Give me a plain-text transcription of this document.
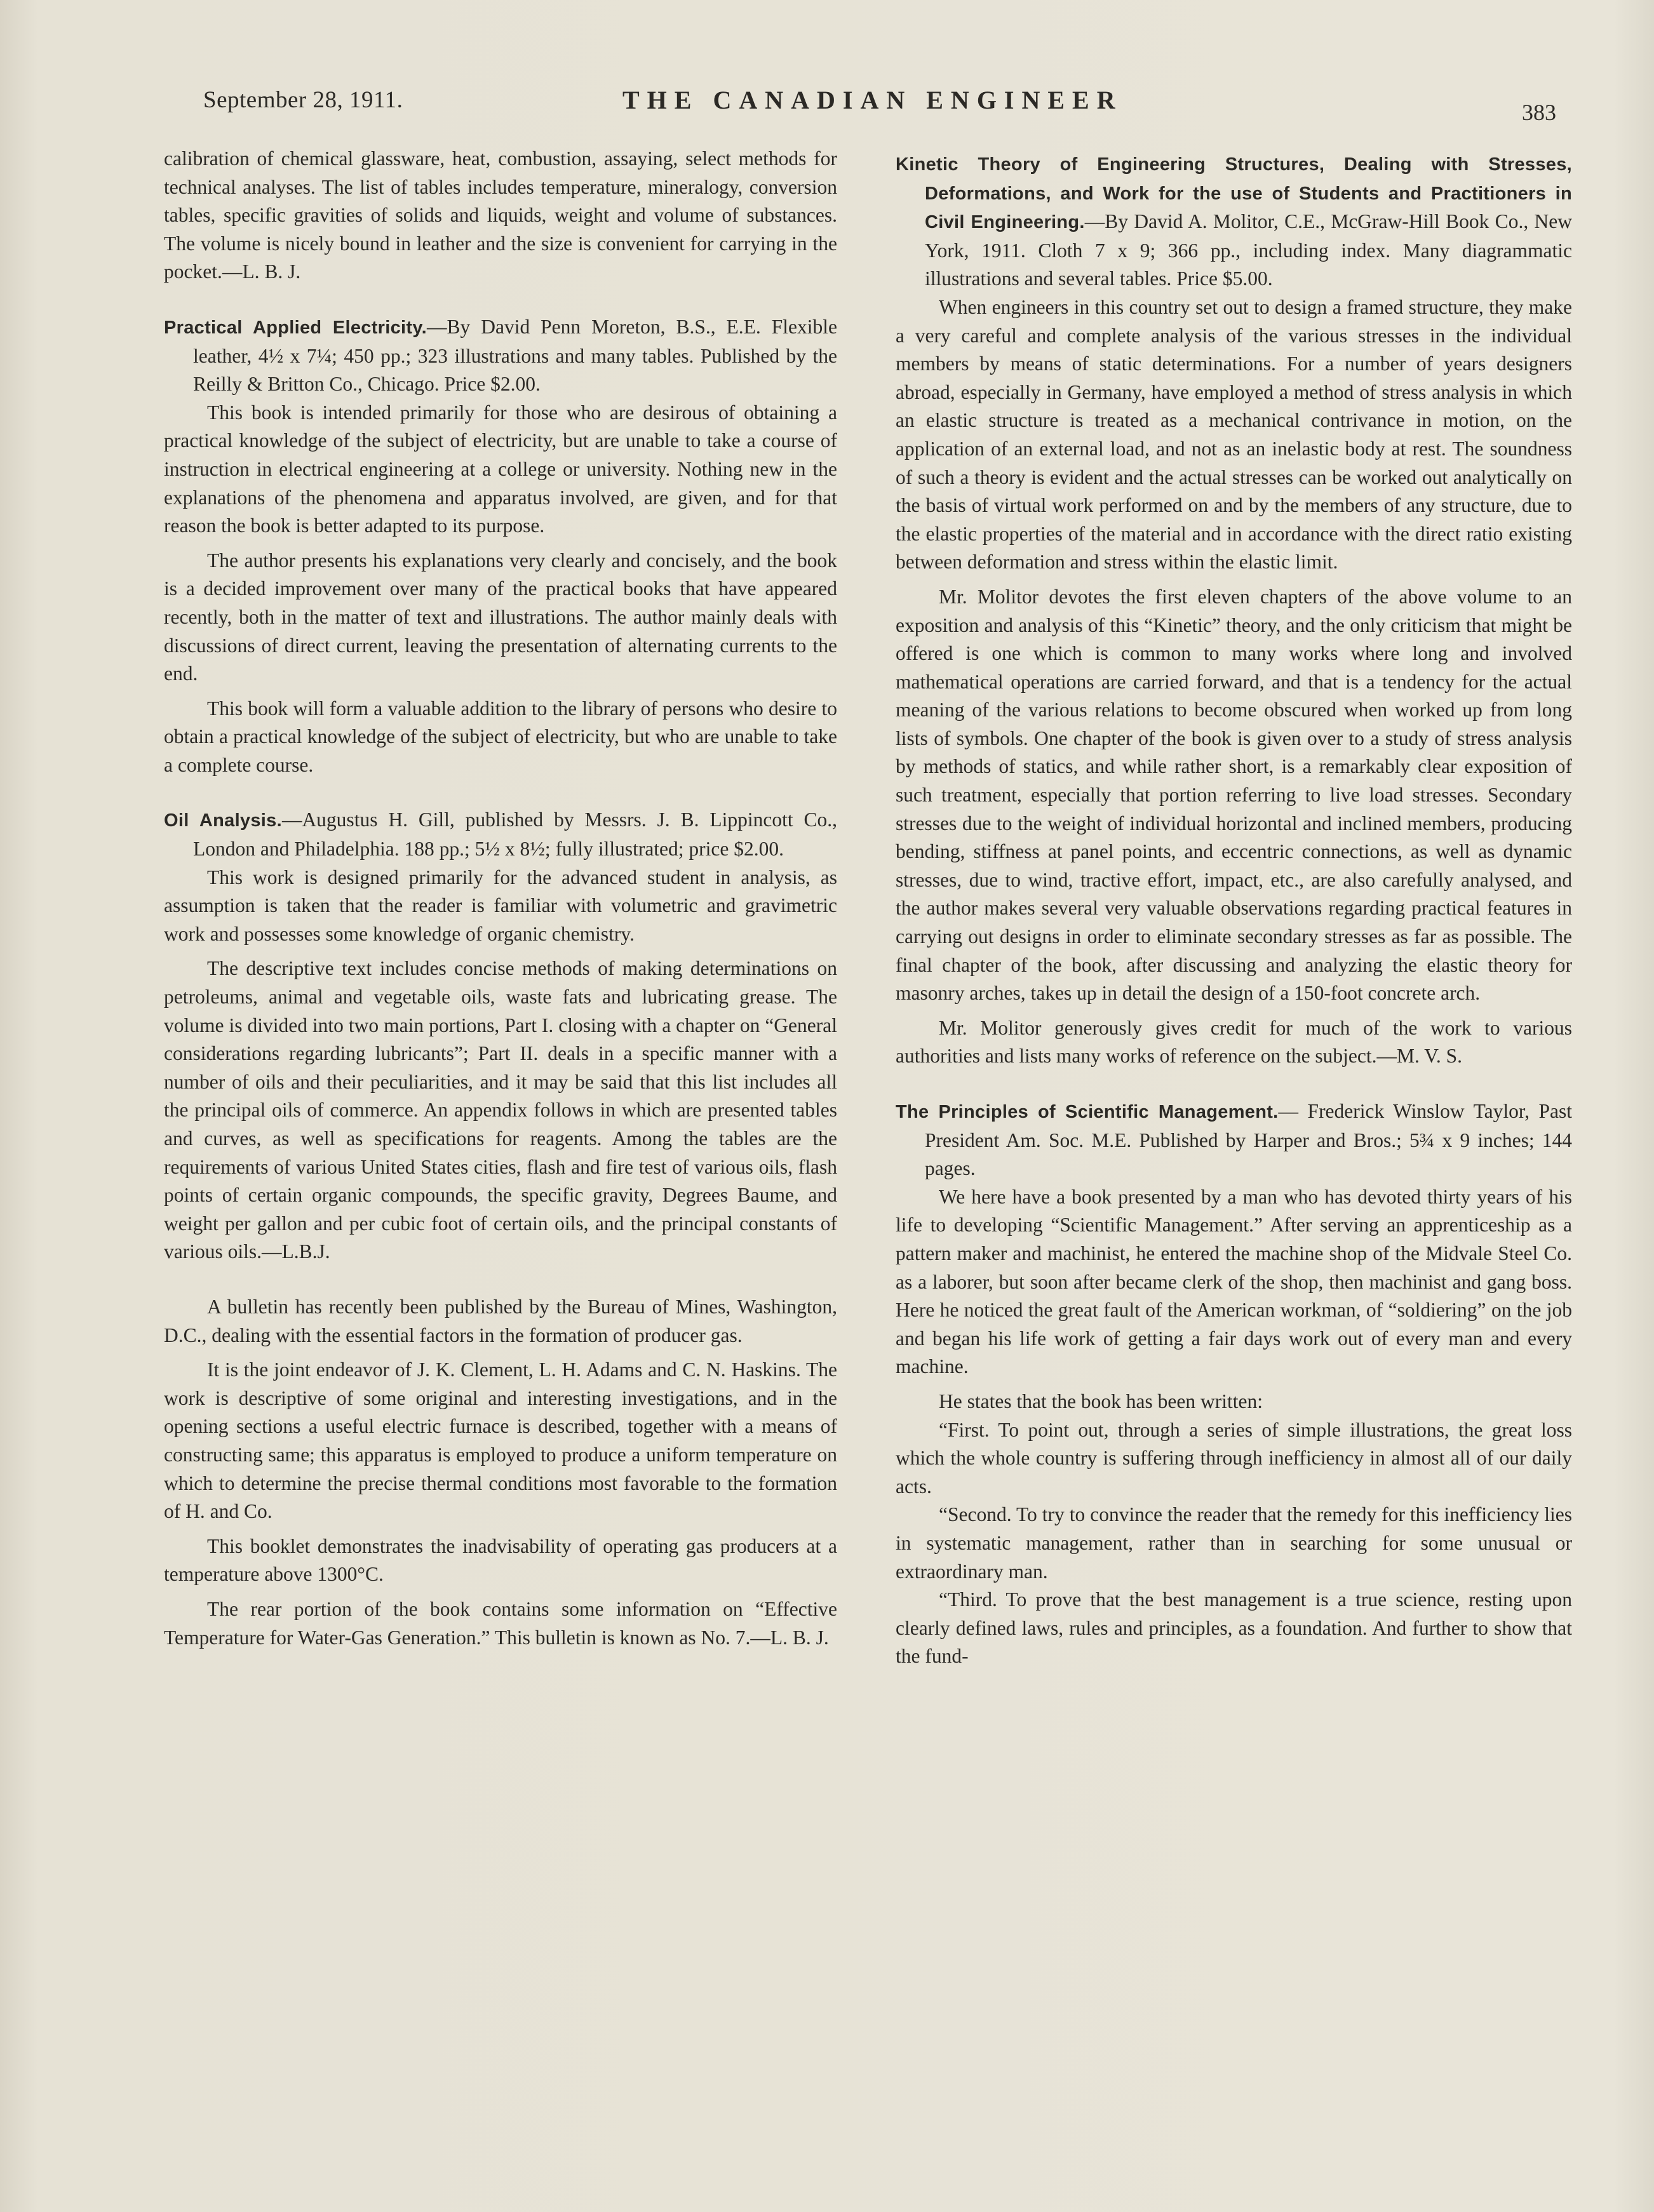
September 28, 1911.	THE CANADIAN ENGINEER	383

calibration of chemical glassware, heat, combustion, assaying, select methods for technical analyses. The list of tables includes temperature, mineralogy, conversion tables, specific gravities of solids and liquids, weight and volume of substances. The volume is nicely bound in leather and the size is convenient for carrying in the pocket.—L. B. J.

Practical Applied Electricity.—By David Penn Moreton, B.S., E.E. Flexible leather, 4½ x 7¼; 450 pp.; 323 illustrations and many tables. Published by the Reilly & Britton Co., Chicago. Price $2.00.

This book is intended primarily for those who are desirous of obtaining a practical knowledge of the subject of electricity, but are unable to take a course of instruction in electrical engineering at a college or university. Nothing new in the explanations of the phenomena and apparatus involved, are given, and for that reason the book is better adapted to its purpose.

The author presents his explanations very clearly and concisely, and the book is a decided improvement over many of the practical books that have appeared recently, both in the matter of text and illustrations. The author mainly deals with discussions of direct current, leaving the presentation of alternating currents to the end.

This book will form a valuable addition to the library of persons who desire to obtain a practical knowledge of the subject of electricity, but who are unable to take a complete course.

Oil Analysis.—Augustus H. Gill, published by Messrs. J. B. Lippincott Co., London and Philadelphia. 188 pp.; 5½ x 8½; fully illustrated; price $2.00.

This work is designed primarily for the advanced student in analysis, as assumption is taken that the reader is familiar with volumetric and gravimetric work and possesses some knowledge of organic chemistry.

The descriptive text includes concise methods of making determinations on petroleums, animal and vegetable oils, waste fats and lubricating grease. The volume is divided into two main portions, Part I. closing with a chapter on “General considerations regarding lubricants”; Part II. deals in a specific manner with a number of oils and their peculiarities, and it may be said that this list includes all the principal oils of commerce. An appendix follows in which are presented tables and curves, as well as specifications for reagents. Among the tables are the requirements of various United States cities, flash and fire test of various oils, flash points of certain organic compounds, the specific gravity, Degrees Baume, and weight per gallon and per cubic foot of certain oils, and the principal constants of various oils.—L.B.J.

A bulletin has recently been published by the Bureau of Mines, Washington, D.C., dealing with the essential factors in the formation of producer gas.

It is the joint endeavor of J. K. Clement, L. H. Adams and C. N. Haskins. The work is descriptive of some original and interesting investigations, and in the opening sections a useful electric furnace is described, together with a means of constructing same; this apparatus is employed to produce a uniform temperature on which to determine the precise thermal conditions most favorable to the formation of H. and Co.

This booklet demonstrates the inadvisability of operating gas producers at a temperature above 1300°C.

The rear portion of the book contains some information on “Effective Temperature for Water-Gas Generation.” This bulletin is known as No. 7.—L. B. J.

Kinetic Theory of Engineering Structures, Dealing with Stresses, Deformations, and Work for the use of Students and Practitioners in Civil Engineering.—By David A. Molitor, C.E., McGraw-Hill Book Co., New York, 1911. Cloth 7 x 9; 366 pp., including index. Many diagrammatic illustrations and several tables. Price $5.00.

When engineers in this country set out to design a framed structure, they make a very careful and complete analysis of the various stresses in the individual members by means of static determinations. For a number of years designers abroad, especially in Germany, have employed a method of stress analysis in which an elastic structure is treated as a mechanical contrivance in motion, on the application of an external load, and not as an inelastic body at rest. The soundness of such a theory is evident and the actual stresses can be worked out analytically on the basis of virtual work performed on and by the members of any structure, due to the elastic properties of the material and in accordance with the direct ratio existing between deformation and stress within the elastic limit.

Mr. Molitor devotes the first eleven chapters of the above volume to an exposition and analysis of this “Kinetic” theory, and the only criticism that might be offered is one which is common to many works where long and involved mathematical operations are carried forward, and that is a tendency for the actual meaning of the various relations to become obscured when worked up from long lists of symbols. One chapter of the book is given over to a study of stress analysis by methods of statics, and while rather short, is a remarkably clear exposition of such treatment, especially that portion referring to live load stresses. Secondary stresses due to the weight of individual horizontal and inclined members, producing bending, stiffness at panel points, and eccentric connections, as well as dynamic stresses, due to wind, tractive effort, impact, etc., are also carefully analysed, and the author makes several very valuable observations regarding practical features in carrying out designs in order to eliminate secondary stresses as far as possible. The final chapter of the book, after discussing and analyzing the elastic theory for masonry arches, takes up in detail the design of a 150-foot concrete arch.

Mr. Molitor generously gives credit for much of the work to various authorities and lists many works of reference on the subject.—M. V. S.

The Principles of Scientific Management.— Frederick Winslow Taylor, Past President Am. Soc. M.E. Published by Harper and Bros.; 5¾ x 9 inches; 144 pages.

We here have a book presented by a man who has devoted thirty years of his life to developing “Scientific Management.” After serving an apprenticeship as a pattern maker and machinist, he entered the machine shop of the Midvale Steel Co. as a laborer, but soon after became clerk of the shop, then machinist and gang boss. Here he noticed the great fault of the American workman, of “soldiering” on the job and began his life work of getting a fair days work out of every man and every machine.

He states that the book has been written:

“First. To point out, through a series of simple illustrations, the great loss which the whole country is suffering through inefficiency in almost all of our daily acts.

“Second. To try to convince the reader that the remedy for this inefficiency lies in systematic management, rather than in searching for some unusual or extraordinary man.

“Third. To prove that the best management is a true science, resting upon clearly defined laws, rules and principles, as a foundation. And further to show that the fund-
